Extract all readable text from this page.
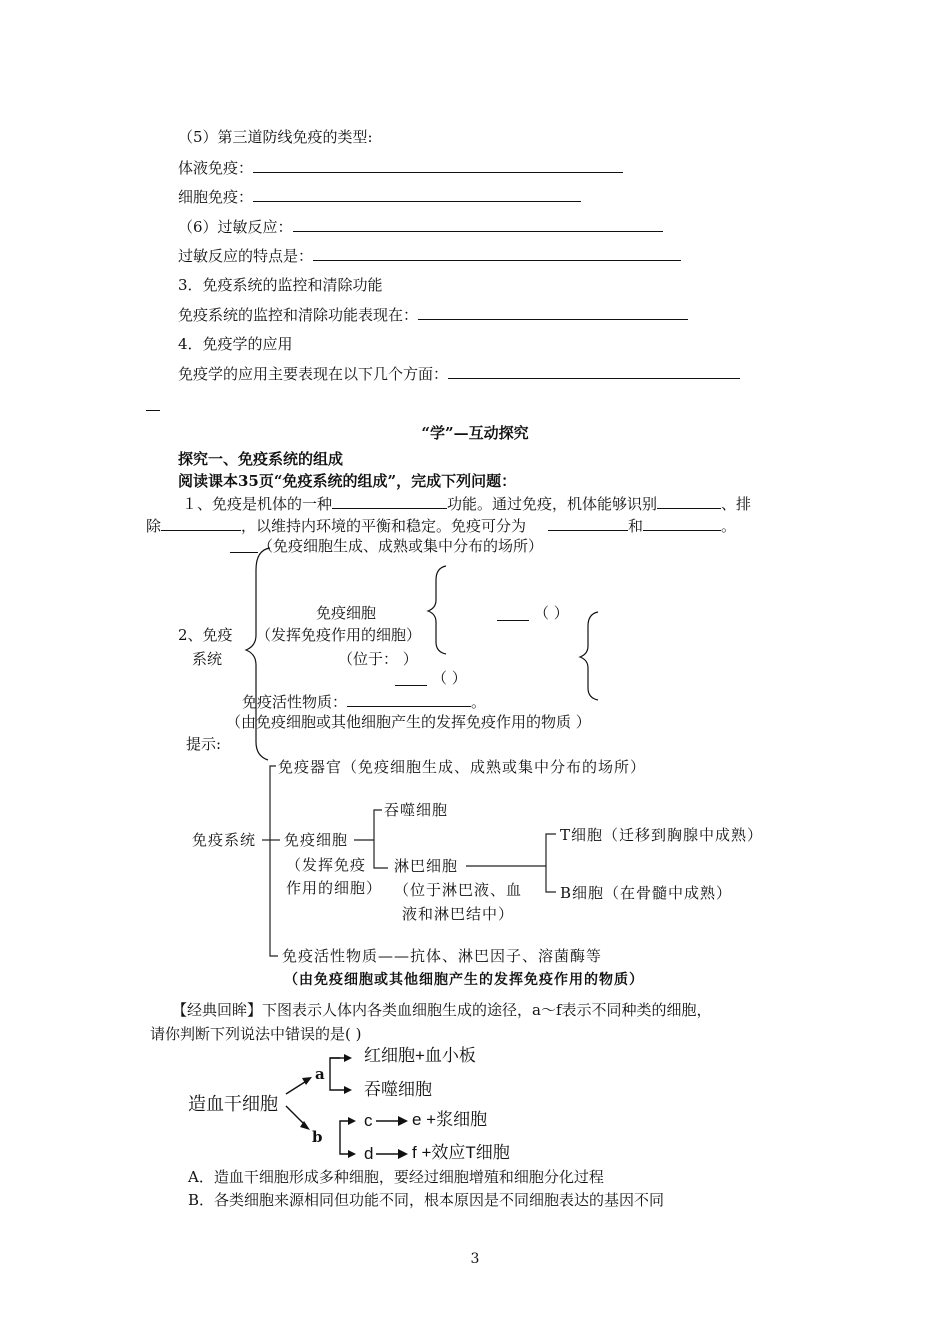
（5）第三道防线免疫的类型:
体液免疫：
细胞免疫：
（6）过敏反应：
过敏反应的特点是：
3．免疫系统的监控和清除功能
免疫系统的监控和清除功能表现在：
4．免疫学的应用
免疫学的应用主要表现在以下几个方面：
“学”—互动探究
探究一、免疫系统的组成
阅读课本35页“免疫系统的组成”，完成下列问题：
１、免疫是机体的一种	功能。通过免疫，机体能够识别	、排
除	，以维持内环境的平衡和稳定。免疫可分为	和	。
（免疫细胞生成、成熟或集中分布的场所）
免疫细胞
2、免疫 （发挥免疫作用的细胞）
系统	（位于： ）
（ ）
（ ）
免疫活性物质：	。
（由免疫细胞或其他细胞产生的发挥免疫作用的物质 ）
提示:
免疫器官（免疫细胞生成、成熟或集中分布的场所）
免疫系统 免疫细胞
（发挥免疫
作用的细胞）
吞噬细胞
淋巴细胞
（位于淋巴液、血
液和淋巴结中）
T细胞（迁移到胸腺中成熟）
B细胞（在骨髓中成熟）
免疫活性物质——抗体、淋巴因子、溶菌酶等
（由免疫细胞或其他细胞产生的发挥免疫作用的物质）
【经典回眸】下图表示人体内各类血细胞生成的途径，a～f表示不同种类的细胞，
请你判断下列说法中错误的是( )
造血干细胞
a
b
红细胞+血小板
吞噬细胞
c e +浆细胞
d f +效应T细胞
A．造血干细胞形成多种细胞，要经过细胞增殖和细胞分化过程
B．各类细胞来源相同但功能不同，根本原因是不同细胞表达的基因不同
3
